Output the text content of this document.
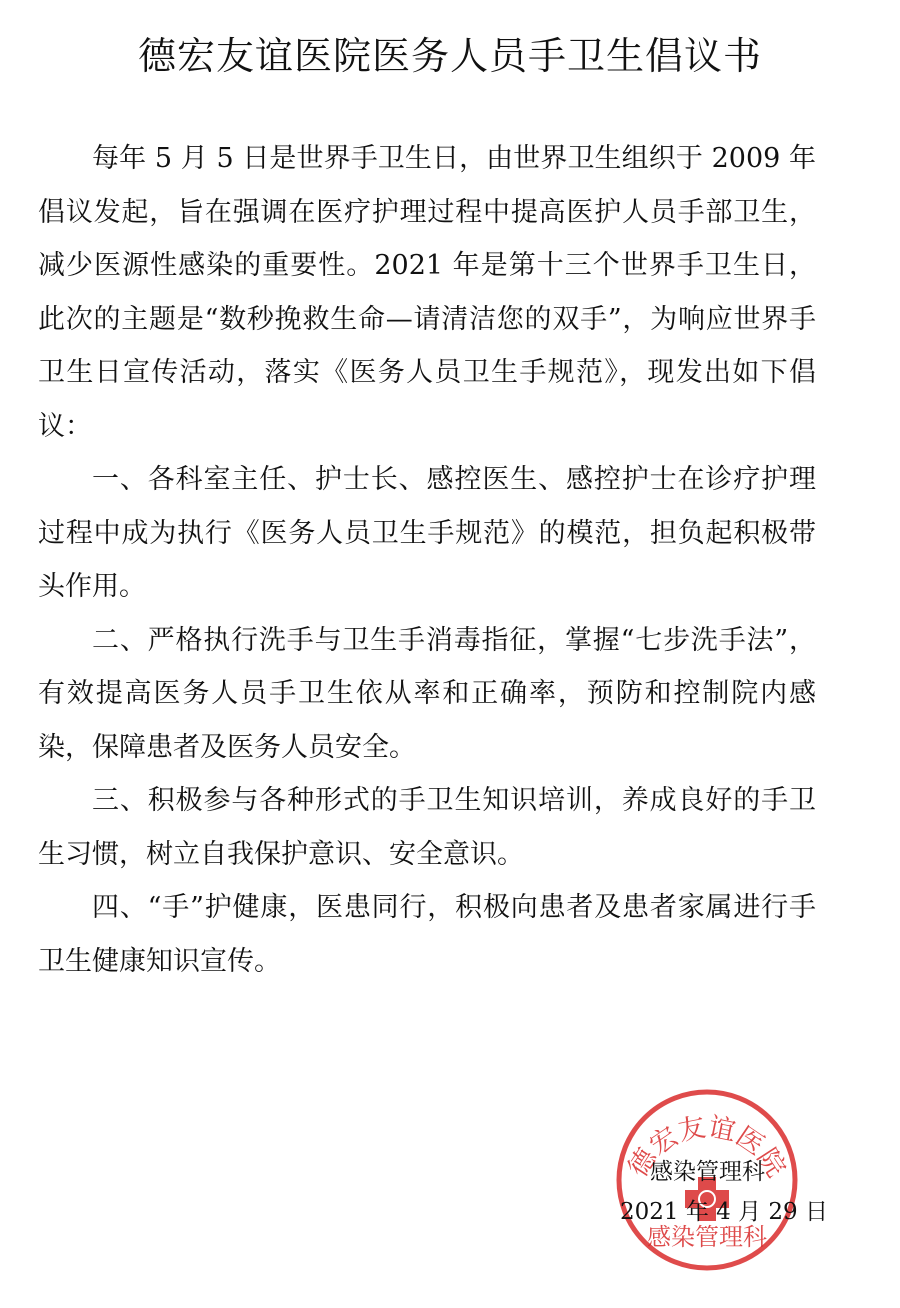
德宏友谊医院医务人员手卫生倡议书

每年 5 月 5 日是世界手卫生日，由世界卫生组织于 2009 年倡议发起，旨在强调在医疗护理过程中提高医护人员手部卫生，减少医源性感染的重要性。2021 年是第十三个世界手卫生日，此次的主题是“数秒挽救生命—请清洁您的双手”，为响应世界手卫生日宣传活动，落实《医务人员卫生手规范》，现发出如下倡议：

一、各科室主任、护士长、感控医生、感控护士在诊疗护理过程中成为执行《医务人员卫生手规范》的模范，担负起积极带头作用。

二、严格执行洗手与卫生手消毒指征，掌握“七步洗手法”，有效提高医务人员手卫生依从率和正确率，预防和控制院内感染，保障患者及医务人员安全。

三、积极参与各种形式的手卫生知识培训，养成良好的手卫生习惯，树立自我保护意识、安全意识。

四、“手”护健康，医患同行，积极向患者及患者家属进行手卫生健康知识宣传。

德宏友谊医院
感染管理科
感染管理科
2021 年 4 月 29 日
